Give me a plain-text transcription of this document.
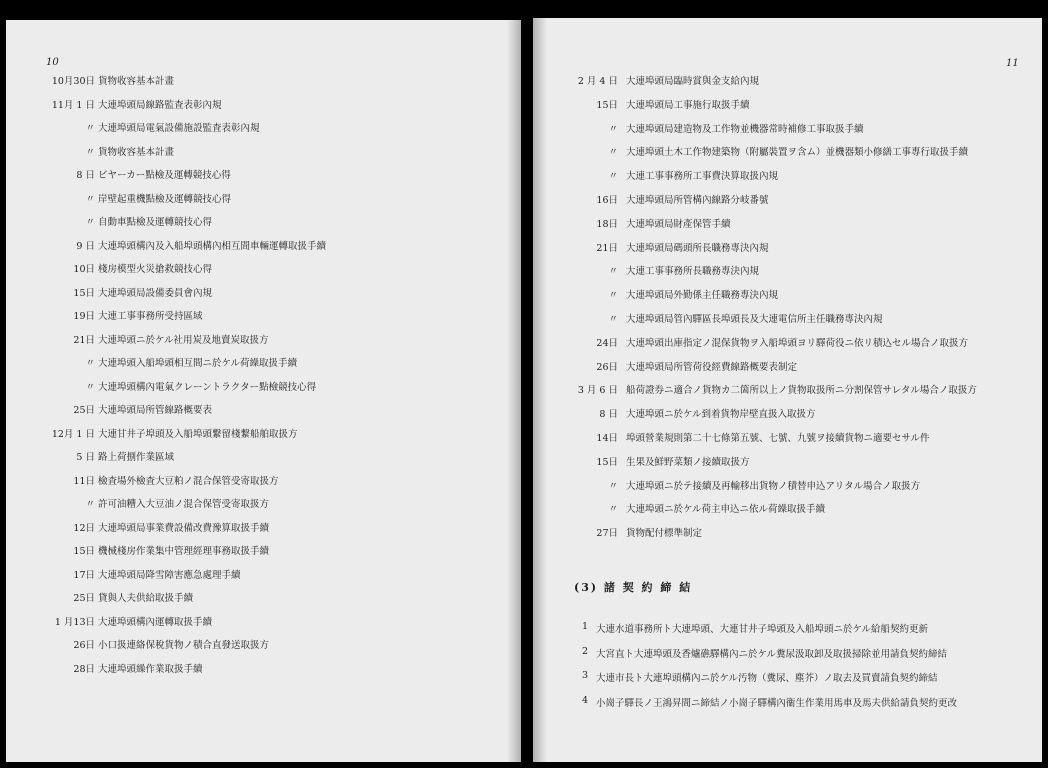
10
10月30日 貨物收容基本計畫
11月 1 日 大連埠頭局線路監査表彰內規
〃 大連埠頭局電氣設備施設監査表彰內規
〃 貨物收容基本計畫
8 日 ビヤーカー點檢及運轉競技心得
〃 岸壁起重機點檢及運轉競技心得
〃 自動車點檢及運轉競技心得
9 日 大連埠頭構內及入船埠頭構內相互間車輛運轉取扱手續
10日 棧房模型火災搶救競技心得
15日 大連埠頭局設備委員會內規
19日 大連工事事務所受持區域
21日 大連埠頭ニ於ケル社用炭及地賣炭取扱方
〃 大連埠頭入船埠頭相互間ニ於ケル荷繰取扱手續
〃 大連埠頭構內電氣クレーントラクター點檢競技心得
25日 大連埠頭局所管線路概要表
12月 1 日 大連甘井子埠頭及入船埠頭繋留棧繋船舶取扱方
5 日 路上荷捌作業區域
11日 檢査場外檢査大豆粕ノ混合保管受寄取扱方
〃 許可油糟入大豆油ノ混合保管受寄取扱方
12日 大連埠頭局事業費設備改費豫算取扱手續
15日 機械棧房作業集中管理經理事務取扱手續
17日 大連埠頭局降雪障害應急處理手續
25日 貸與人夫供給取扱手續
1 月13日 大連埠頭構內運轉取扱手續
26日 小口扱連絡保稅貨物ノ積合直發送取扱方
28日 大連埠頭繰作業取扱手續
11
2 月 4 日 大連埠頭局臨時賞與金支給內規
15日 大連埠頭局工事施行取扱手續
〃 大連埠頭局建造物及工作物並機器常時補修工事取扱手續
〃 大連埠頭土木工作物建築物（附屬裝置ヲ含ム）並機器類小修繕工事專行取扱手續
〃 大連工事事務所工事費決算取扱內規
16日 大連埠頭局所管構內線路分岐番號
18日 大連埠頭局財產保管手續
21日 大連埠頭局碼頭所長職務專決內規
〃 大連工事事務所長職務專決內規
〃 大連埠頭局外勤係主任職務專決內規
〃 大連埠頭局管內驛區長埠頭長及大連電信所主任職務專決內規
24日 大連埠頭出庫指定ノ混保貨物ヲ入船埠頭ヨリ驛荷役ニ依リ積込セル場合ノ取扱方
26日 大連埠頭局所管荷役經費線路概要表制定
3 月 6 日 船荷證券ニ適合ノ貨物カ二箇所以上ノ貨物取扱所ニ分割保管サレタル場合ノ取扱方
8 日 大連埠頭ニ於ケル到着貨物岸壁直扱入取扱方
14日 埠頭營業規則第二十七條第五號、七號、九號ヲ接續貨物ニ適要セサル件
15日 生果及鮮野菜類ノ接續取扱方
〃 大連埠頭ニ於テ接續及再輸移出貨物ノ積替申込アリタル場合ノ取扱方
〃 大連埠頭ニ於ケル荷主申込ニ依ル荷繰取扱手續
27日 貨物配付標準制定
(3) 諸 契 約 締 結
1 大連水道事務所ト大連埠頭、大連甘井子埠頭及入船埠頭ニ於ケル給船契約更新
2 大宮直ト大連埠頭及香爐礁驛構內ニ於ケル糞尿汲取卸及取扱掃除並用請負契約締結
3 大連市長ト大連埠頭構內ニ於ケル汚物（糞尿、塵芥）ノ取去及買賣請負契約締結
4 小崗子驛長ノ王鴻昇間ニ締結ノ小崗子驛構內衞生作業用馬車及馬夫供給請負契約更改
